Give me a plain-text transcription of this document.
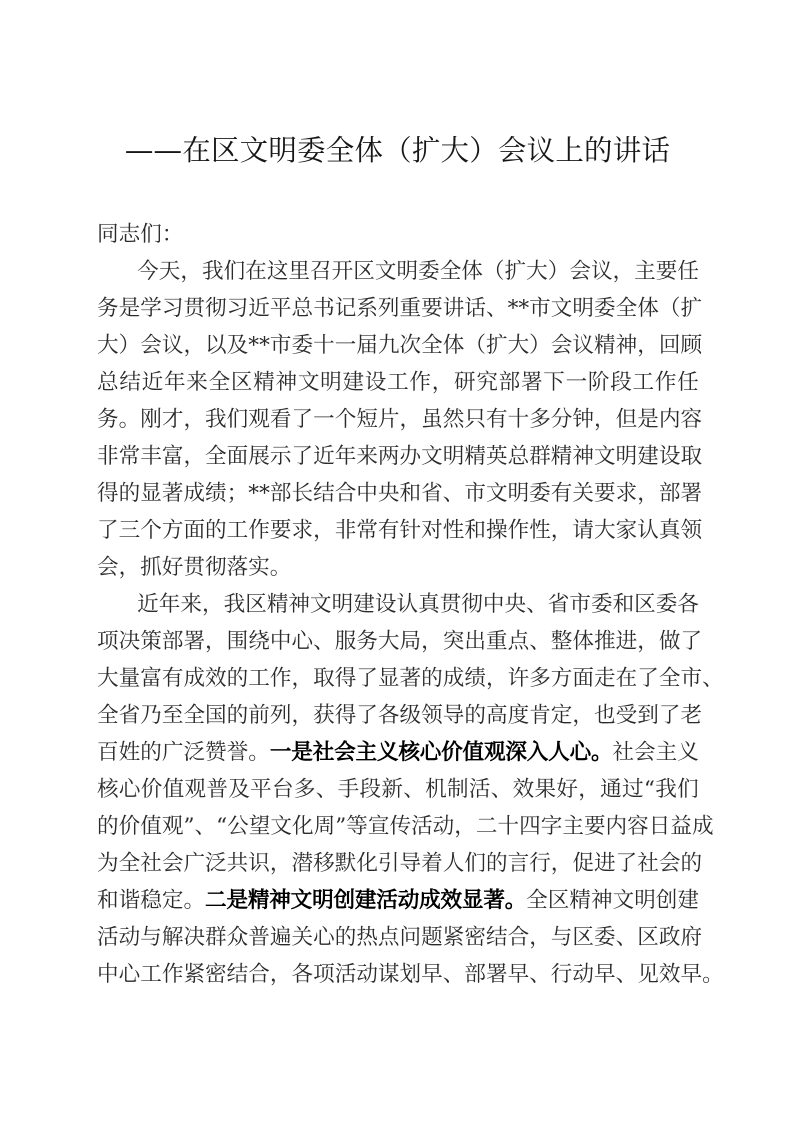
——在区文明委全体（扩大）会议上的讲话
同志们：

今 天 ， 我 们 在 这 里 召 开 区 文 明 委 全 体 （ 扩 大 ） 会 议 ， 主 要 任
务 是 学 习 贯 彻 习 近 平 总 书 记 系 列 重 要 讲 话 、 * * 市 文 明 委 全 体 （ 扩
大 ） 会 议 ， 以 及 * * 市 委 十 一 届 九 次 全 体 （ 扩 大 ） 会 议 精 神 ， 回 顾
总 结 近 年 来 全 区 精 神 文 明 建 设 工 作 ， 研 究 部 署 下 一 阶 段 工 作 任
务 。 刚 才 ， 我 们 观 看 了 一 个 短 片 ， 虽 然 只 有 十 多 分 钟 ， 但 是 内 容
非 常 丰 富 ， 全 面 展 示 了 近 年 来 两 办 文 明 精 英 总 群 精 神 文 明 建 设 取
得 的 显 著 成 绩 ； * * 部 长 结 合 中 央 和 省 、 市 文 明 委 有 关 要 求 ， 部 署
了 三 个 方 面 的 工 作 要 求 ， 非 常 有 针 对 性 和 操 作 性 ， 请 大 家 认 真 领
会，抓好贯彻落实。

近 年 来 ， 我 区 精 神 文 明 建 设 认 真 贯 彻 中 央 、 省 市 委 和 区 委 各
项 决 策 部 署 ， 围 绕 中 心 、 服 务 大 局 ， 突 出 重 点 、 整 体 推 进 ， 做 了
大 量 富 有 成 效 的 工 作 ， 取 得 了 显 著 的 成 绩 ， 许 多 方 面 走 在 了 全 市 、
全 省 乃 至 全 国 的 前 列 ， 获 得 了 各 级 领 导 的 高 度 肯 定 ， 也 受 到 了 老
百 姓 的 广 泛 赞 誉 。 一 是 社 会 主 义 核 心 价 值 观 深 入 人 心 。 社 会 主 义
核 心 价 值 观 普 及 平 台 多 、 手 段 新 、 机 制 活 、 效 果 好 ， 通 过 “ 我 们
的 价 值 观 ” 、 “ 公 望 文 化 周 ” 等 宣 传 活 动 ， 二 十 四 字 主 要 内 容 日 益 成
为 全 社 会 广 泛 共 识 ， 潜 移 默 化 引 导 着 人 们 的 言 行 ， 促 进 了 社 会 的
和 谐 稳 定 。 二 是 精 神 文 明 创 建 活 动 成 效 显 著 。 全 区 精 神 文 明 创 建
活 动 与 解 决 群 众 普 遍 关 心 的 热 点 问 题 紧 密 结 合 ， 与 区 委 、 区 政 府
中 心 工 作 紧 密 结 合 ， 各 项 活 动 谋 划 早 、 部 署 早 、 行 动 早 、 见 效 早 。
